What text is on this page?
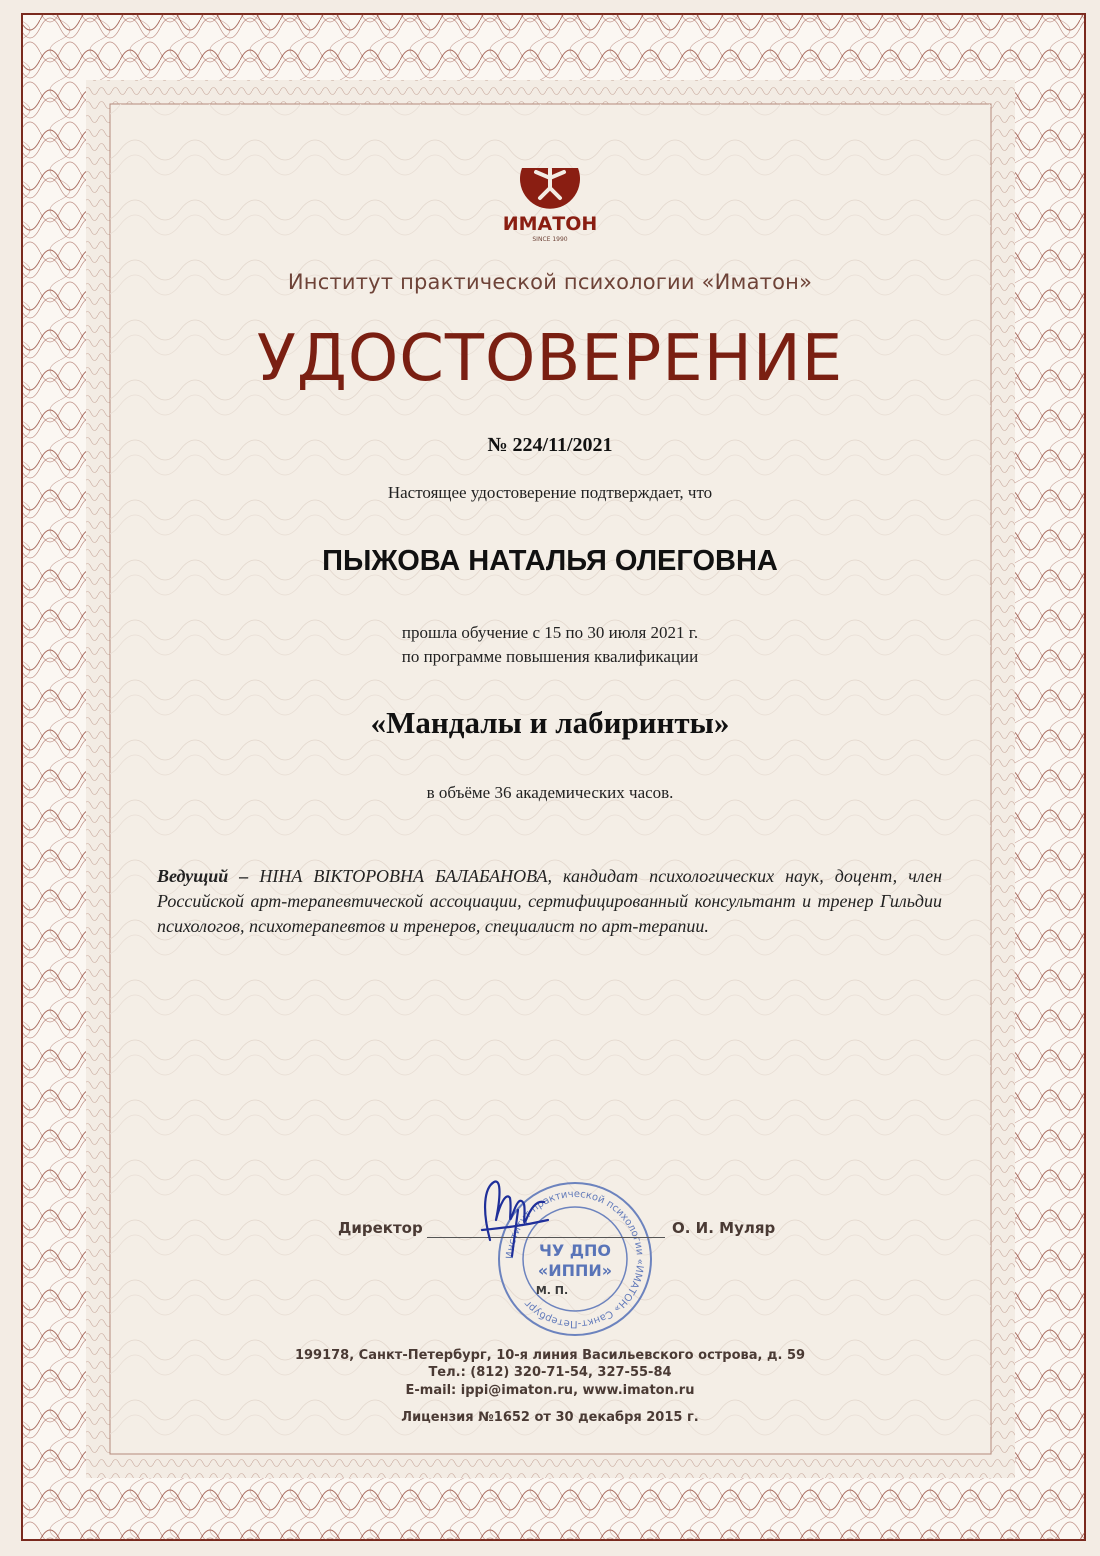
ИМАТОН
SINCE 1990
Институт практической психологии «Иматон»
УДОСТОВЕРЕНИЕ
№ 224/11/2021
Настоящее удостоверение подтверждает, что
ПЫЖОВА НАТАЛЬЯ ОЛЕГОВНА
прошла обучение с 15 по 30 июля 2021 г.
по программе повышения квалификации
«Мандалы и лабиринты»
в объёме 36 академических часов.
Ведущий – НІНА ВІКТОРОВНА БАЛАБАНОВА, кандидат психологических наук, доцент, член Российской арт-терапевтической ассоциации, сертифицированный консультант и тренер Гильдии психологов, психотерапевтов и тренеров, специалист по арт-терапии.
Институт практической психологии «ИМАТОН» Санкт-Петербург
ЧУ ДПО
«ИППИ»
М. П.
Директор	О. И. Муляр
199178, Санкт-Петербург, 10-я линия Васильевского острова, д. 59
Тел.: (812) 320-71-54, 327-55-84
E-mail: ippi@imaton.ru, www.imaton.ru
Лицензия №1652 от 30 декабря 2015 г.
